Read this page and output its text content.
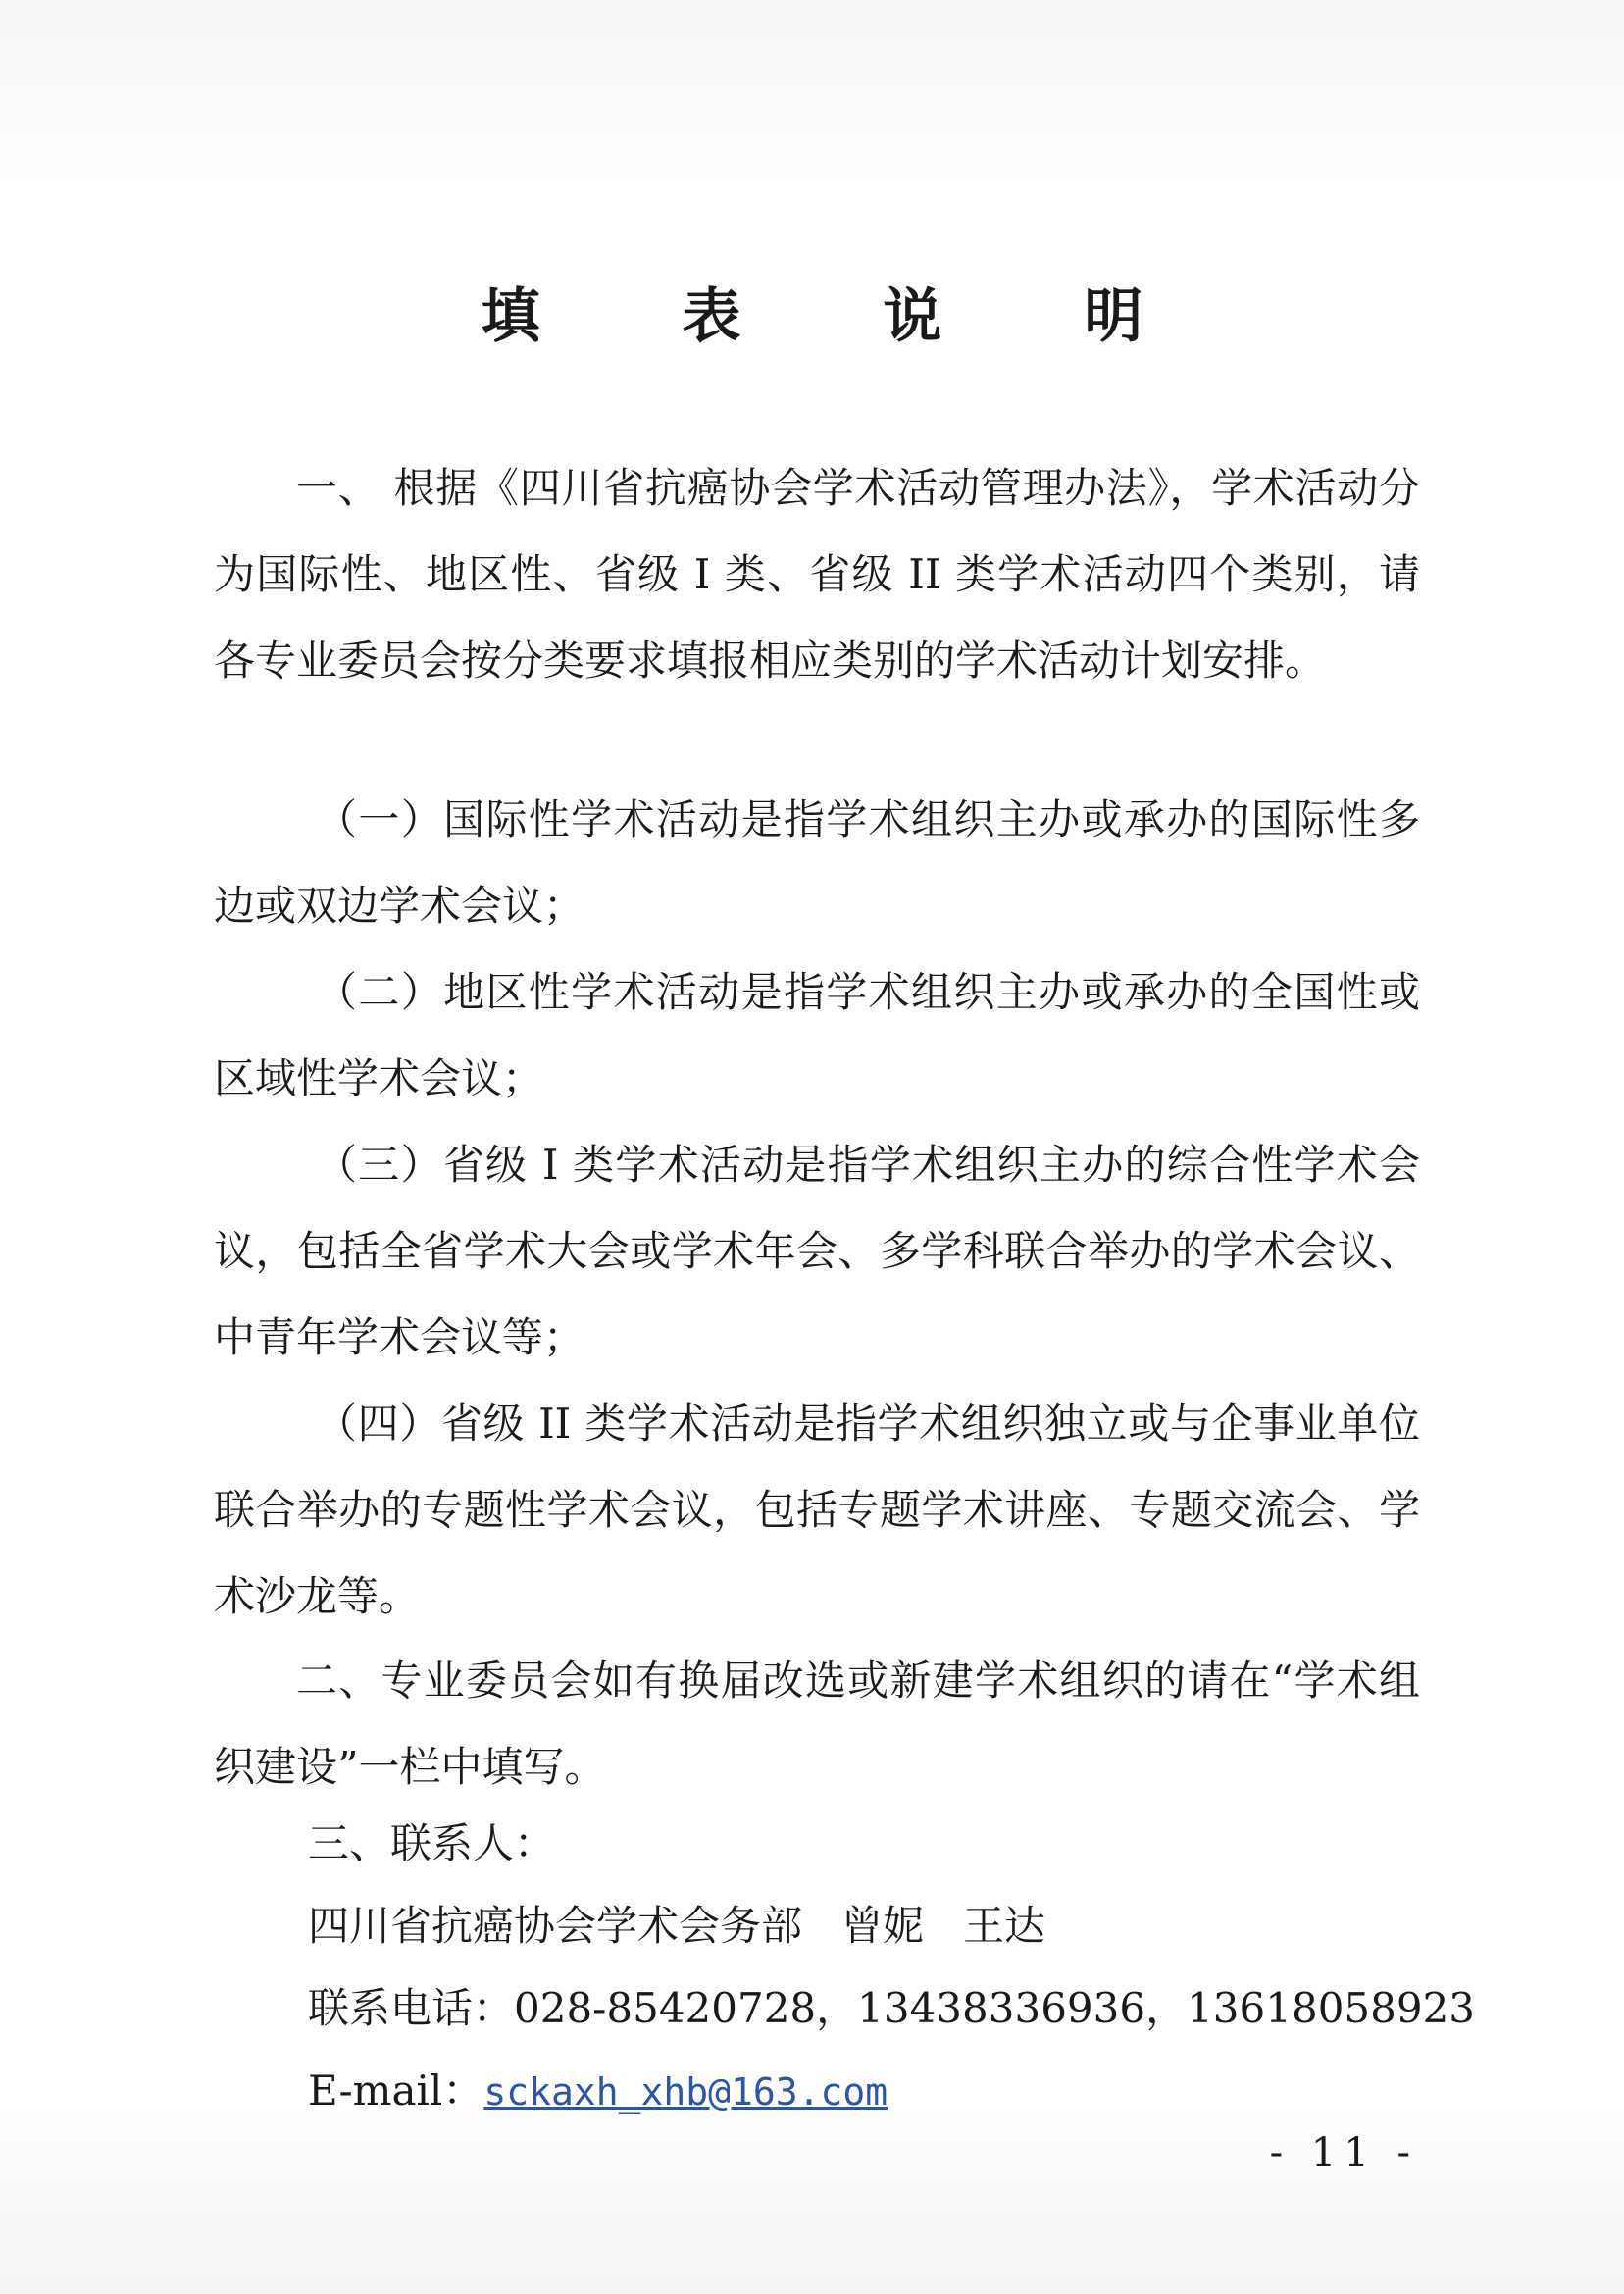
填 表 说 明
一、 根据《四川省抗癌协会学术活动管理办法》，学术活动分为国际性、地区性、省级 I 类、省级 II 类学术活动四个类别，请各专业委员会按分类要求填报相应类别的学术活动计划安排。
（一）国际性学术活动是指学术组织主办或承办的国际性多边或双边学术会议；
（二）地区性学术活动是指学术组织主办或承办的全国性或区域性学术会议；
（三）省级 I 类学术活动是指学术组织主办的综合性学术会议，包括全省学术大会或学术年会、多学科联合举办的学术会议、中青年学术会议等；
（四）省级 II 类学术活动是指学术组织独立或与企事业单位联合举办的专题性学术会议，包括专题学术讲座、专题交流会、学术沙龙等。
二、专业委员会如有换届改选或新建学术组织的请在“学术组织建设”一栏中填写。
三、联系人：
四川省抗癌协会学术会务部 曾妮 王达
联系电话：028-85420728，13438336936，13618058923
E-mail：sckaxh_xhb@163.com
- 11 -
